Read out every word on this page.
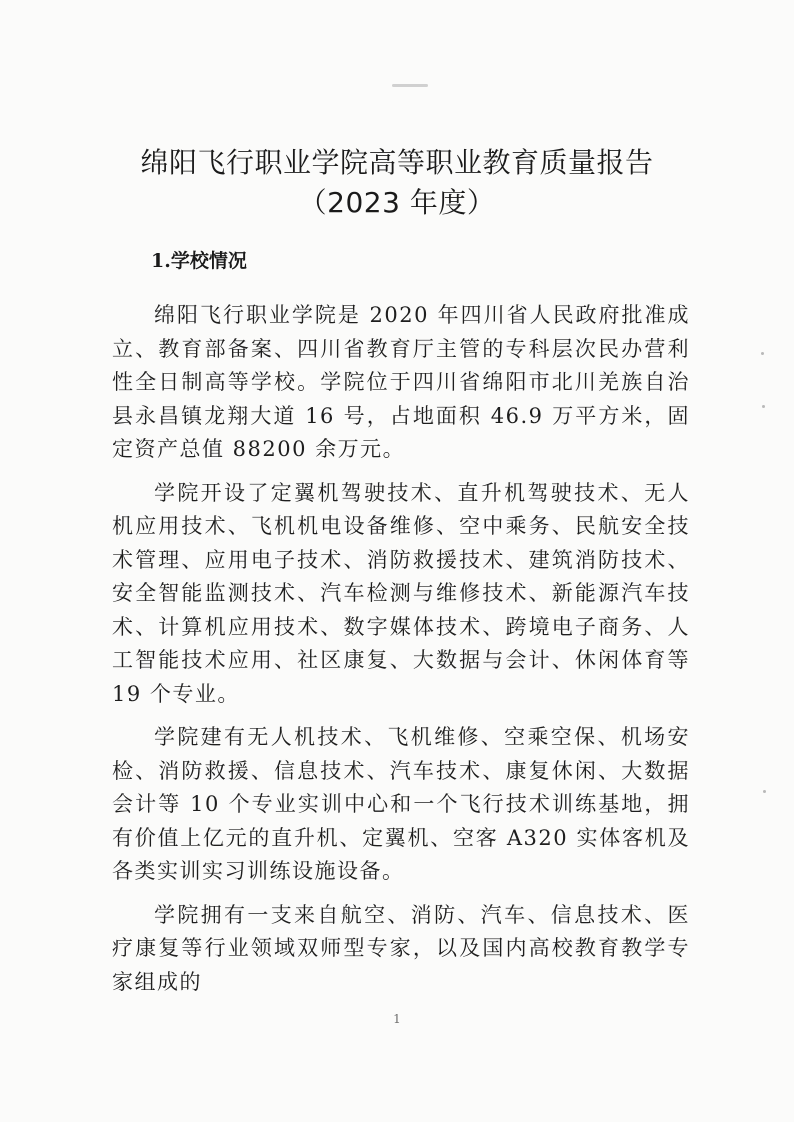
绵阳飞行职业学院高等职业教育质量报告
（2023 年度）
1.学校情况

绵阳飞行职业学院是 2020 年四川省人民政府批准成立、教育部备案、四川省教育厅主管的专科层次民办营利性全日制高等学校。学院位于四川省绵阳市北川羌族自治县永昌镇龙翔大道 16 号，占地面积 46.9 万平方米，固定资产总值 88200 余万元。

学院开设了定翼机驾驶技术、直升机驾驶技术、无人机应用技术、飞机机电设备维修、空中乘务、民航安全技术管理、应用电子技术、消防救援技术、建筑消防技术、安全智能监测技术、汽车检测与维修技术、新能源汽车技术、计算机应用技术、数字媒体技术、跨境电子商务、人工智能技术应用、社区康复、大数据与会计、休闲体育等 19 个专业。

学院建有无人机技术、飞机维修、空乘空保、机场安检、消防救援、信息技术、汽车技术、康复休闲、大数据会计等 10 个专业实训中心和一个飞行技术训练基地，拥有价值上亿元的直升机、定翼机、空客 A320 实体客机及各类实训实习训练设施设备。

学院拥有一支来自航空、消防、汽车、信息技术、医疗康复等行业领域双师型专家，以及国内高校教育教学专家组成的

1
